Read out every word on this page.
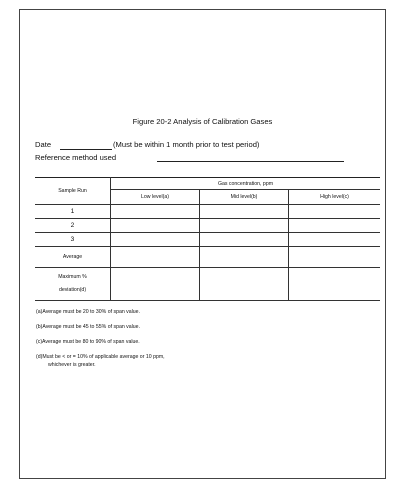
Figure 20-2 Analysis of Calibration Gases
Date	(Must be within 1 month prior to test period)
Reference method used
Sample Run	Gas concentration, ppm		
	Low level(a)	Mid level(b)	High level(c)
1			
2			
3			
Average			

Maximum %
deviation(d)			

(a)Average must be 20 to 30% of span value.
(b)Average must be 45 to 55% of span value.
(c)Average must be 80 to 90% of span value.
(d)Must be < or = 10% of applicable average or 10 ppm,
whichever is greater.
